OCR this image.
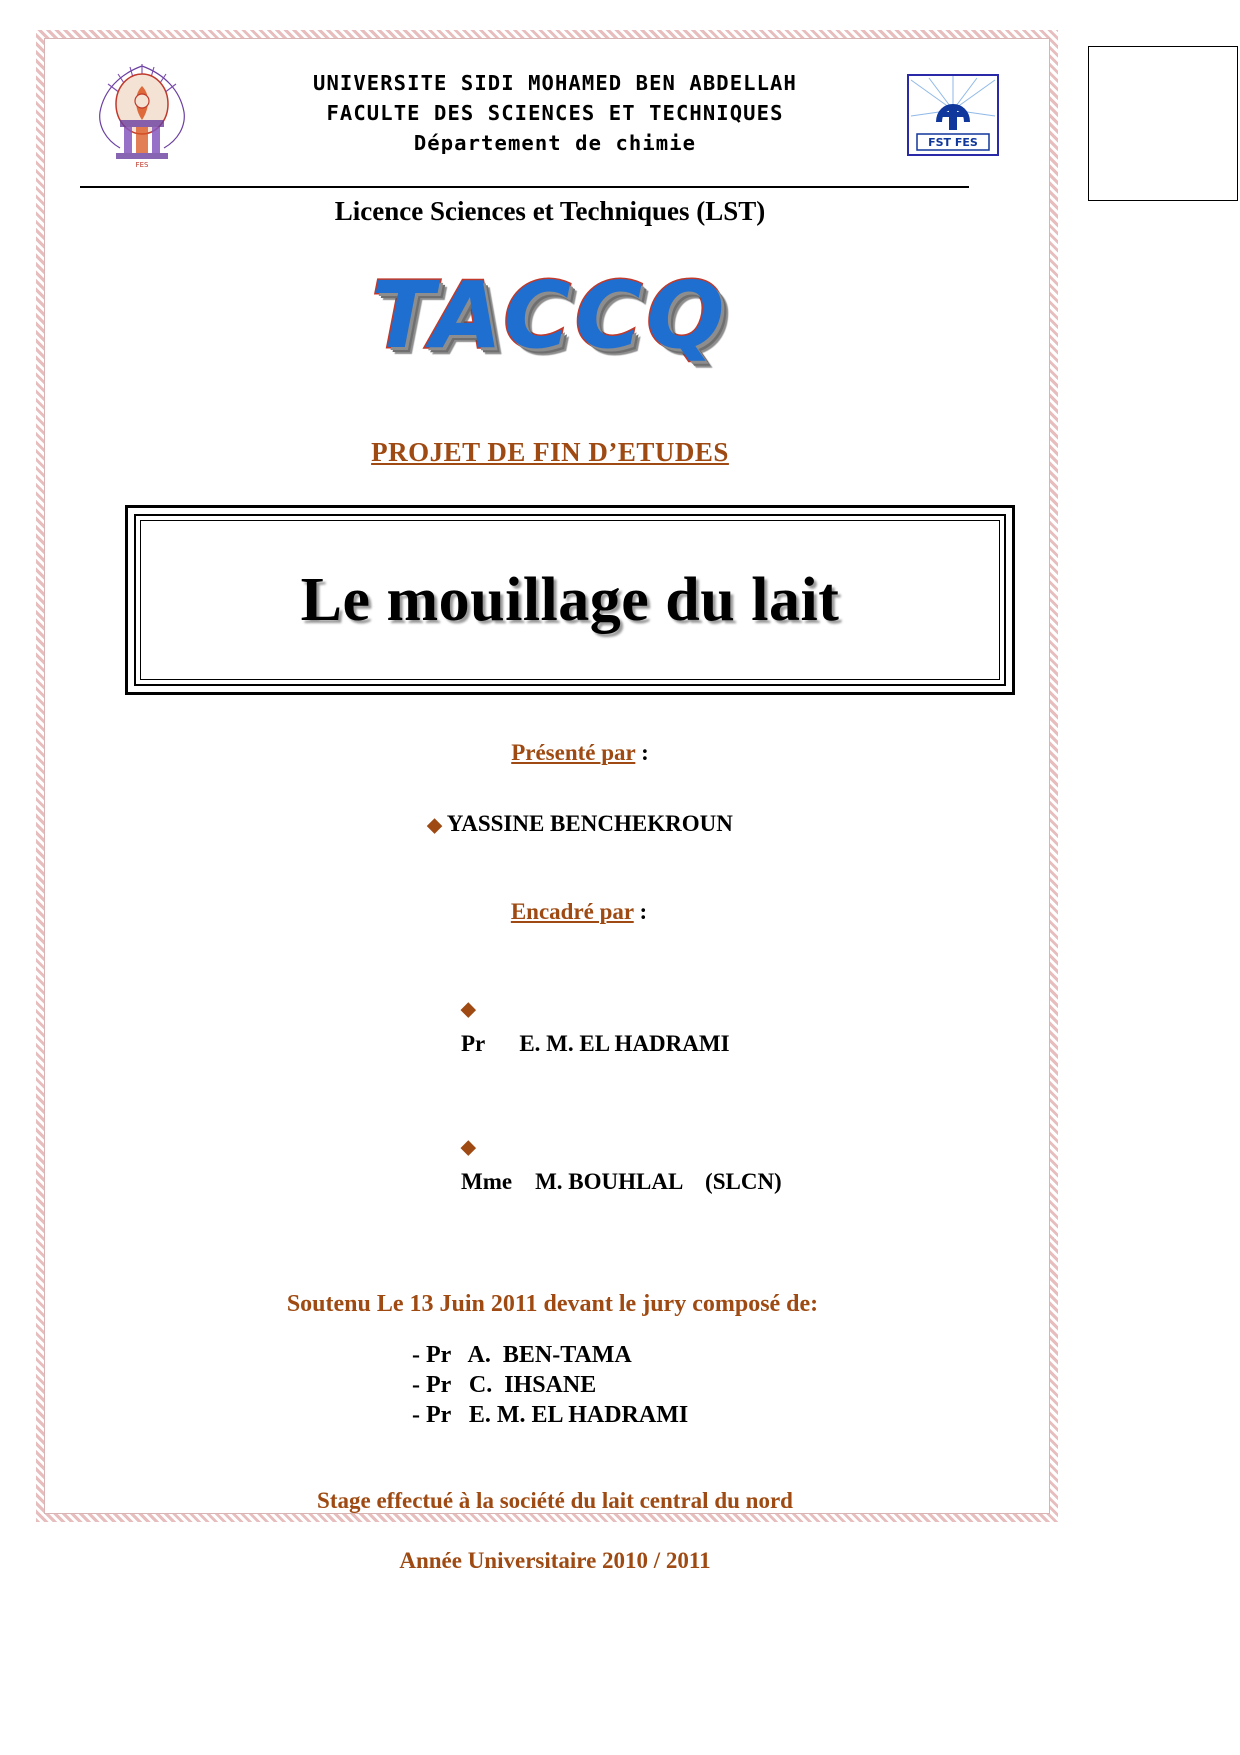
FES
UNIVERSITE SIDI MOHAMED BEN ABDELLAH
FACULTE DES SCIENCES ET TECHNIQUES
Département de chimie	FST FES
Licence Sciences et Techniques (LST)
TACCQ
PROJET DE FIN D’ETUDES
Le mouillage du lait
Présenté par :
◆ YASSINE BENCHEKROUN
Encadré par :

◆
Pr      E. M. EL HADRAMI

◆
Mme    M. BOUHLAL    (SLCN)

Soutenu Le 13 Juin 2011 devant le jury composé de:
- Pr   A.  BEN-TAMA
- Pr   C.  IHSANE
- Pr   E. M. EL HADRAMI
Stage effectué à la société du lait central du nord
Année Universitaire 2010 / 2011
